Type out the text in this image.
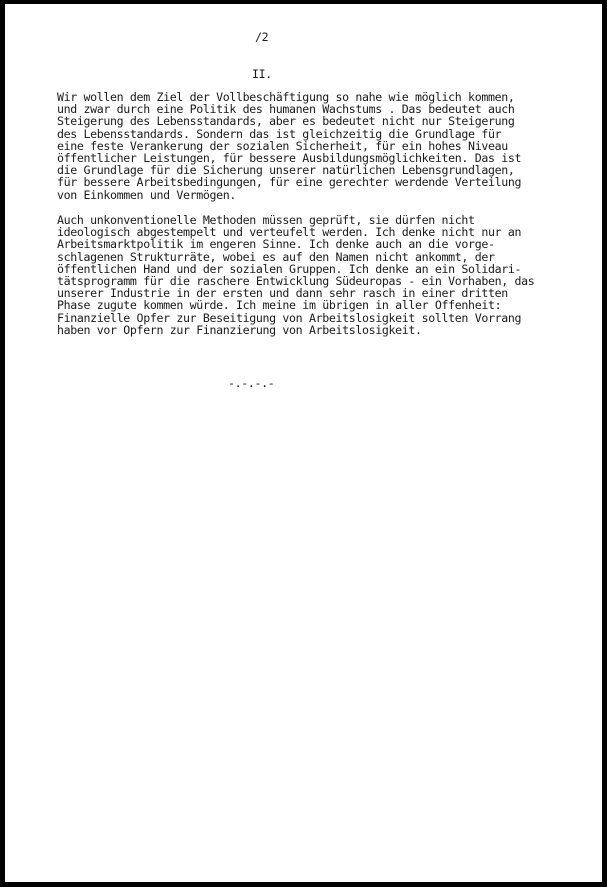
/2
II.
Wir wollen dem Ziel der Vollbeschäftigung so nahe wie möglich kommen,
und zwar durch eine Politik des humanen Wachstums . Das bedeutet auch
Steigerung des Lebensstandards, aber es bedeutet nicht nur Steigerung
des Lebensstandards. Sondern das ist gleichzeitig die Grundlage für
eine feste Verankerung der sozialen Sicherheit, für ein hohes Niveau
öffentlicher Leistungen, für bessere Ausbildungsmöglichkeiten. Das ist
die Grundlage für die Sicherung unserer natürlichen Lebensgrundlagen,
für bessere Arbeitsbedingungen, für eine gerechter werdende Verteilung
von Einkommen und Vermögen.
Auch unkonventionelle Methoden müssen geprüft, sie dürfen nicht
ideologisch abgestempelt und verteufelt werden. Ich denke nicht nur an
Arbeitsmarktpolitik im engeren Sinne. Ich denke auch an die vorge-
schlagenen Strukturräte, wobei es auf den Namen nicht ankommt, der
öffentlichen Hand und der sozialen Gruppen. Ich denke an ein Solidari-
tätsprogramm für die raschere Entwicklung Südeuropas - ein Vorhaben, das
unserer Industrie in der ersten und dann sehr rasch in einer dritten
Phase zugute kommen würde. Ich meine im übrigen in aller Offenheit:
Finanzielle Opfer zur Beseitigung von Arbeitslosigkeit sollten Vorrang
haben vor Opfern zur Finanzierung von Arbeitslosigkeit.
-.-.-.-
